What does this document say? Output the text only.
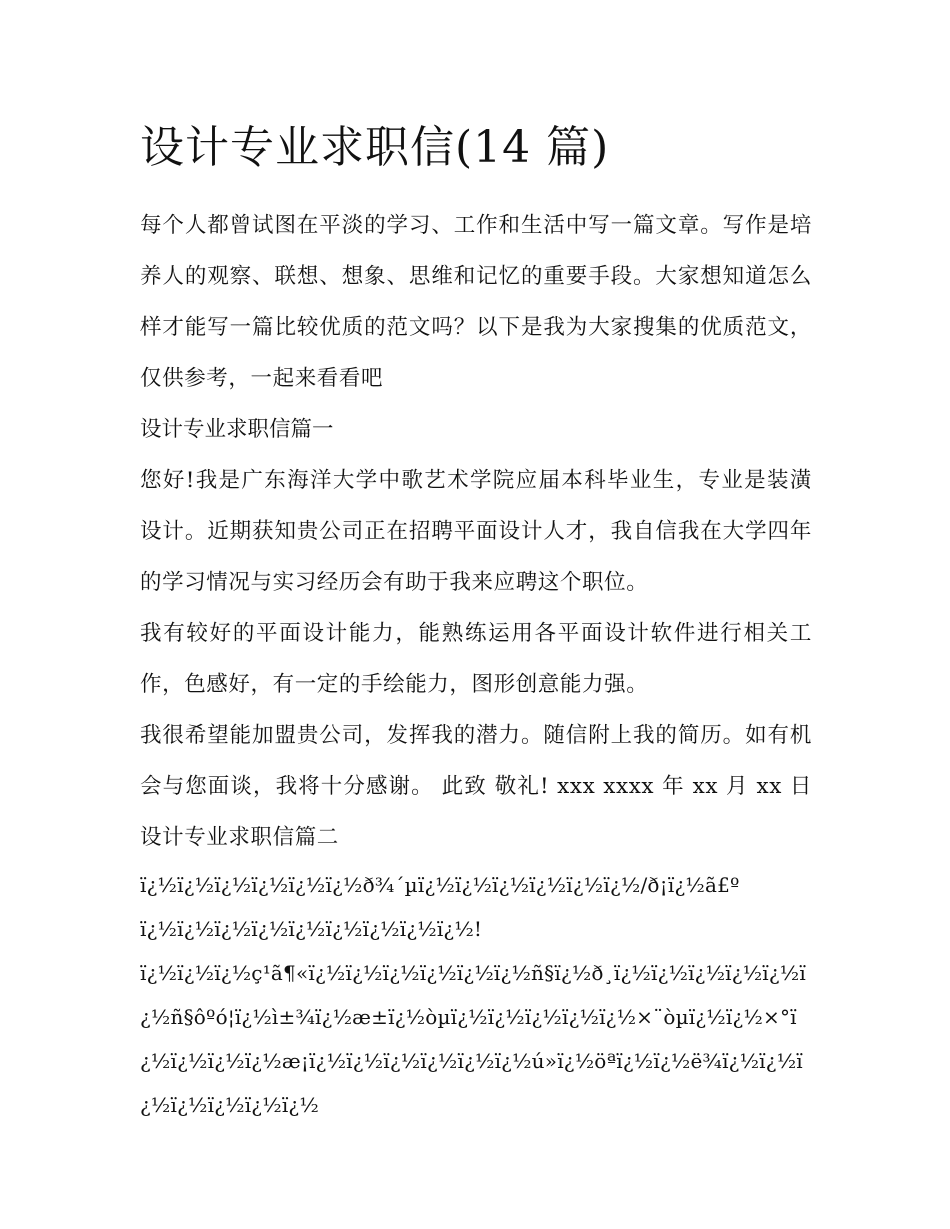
设计专业求职信(14 篇)

每个人都曾试图在平淡的学习、工作和生活中写一篇文章。写作是培养人的观察、联想、想象、思维和记忆的重要手段。大家想知道怎么样才能写一篇比较优质的范文吗？以下是我为大家搜集的优质范文，仅供参考，一起来看看吧

设计专业求职信篇一

您好!我是广东海洋大学中歌艺术学院应届本科毕业生，专业是装潢设计。近期获知贵公司正在招聘平面设计人才，我自信我在大学四年的学习情况与实习经历会有助于我来应聘这个职位。

我有较好的平面设计能力，能熟练运用各平面设计软件进行相关工作，色感好，有一定的手绘能力，图形创意能力强。

我很希望能加盟贵公司，发挥我的潜力。随信附上我的简历。如有机会与您面谈，我将十分感谢。 此致 敬礼! xxx xxxx 年 xx 月 xx 日 设计专业求职信篇二

ï¿½ï¿½ï¿½ï¿½ï¿½ï¿½ð¾´µï¿½ï¿½ï¿½ï¿½ï¿½ï¿½/ð¡ï¿½ã£º

ï¿½ï¿½ï¿½ï¿½ï¿½ï¿½ï¿½ï¿½ï¿½!

ï¿½ï¿½ï¿½ç¹ã¶«ï¿½ï¿½ï¿½ï¿½ï¿½ï¿½ñ§ï¿½ð¸ï¿½ï¿½ï¿½ï¿½ï¿½ï¿½ñ§ôºó¦ï¿½ì±¾ï¿½æ±ï¿½òµï¿½ï¿½ï¿½ï¿½ï¿½×¨òµï¿½ï¿½×°ï¿½ï¿½ï¿½ï¿½æ¡ï¿½ï¿½ï¿½ï¿½ï¿½ï¿½ú»ï¿½öªï¿½ï¿½ë¾ï¿½ï¿½ï¿½ï¿½ï¿½ï¿½ï¿½
